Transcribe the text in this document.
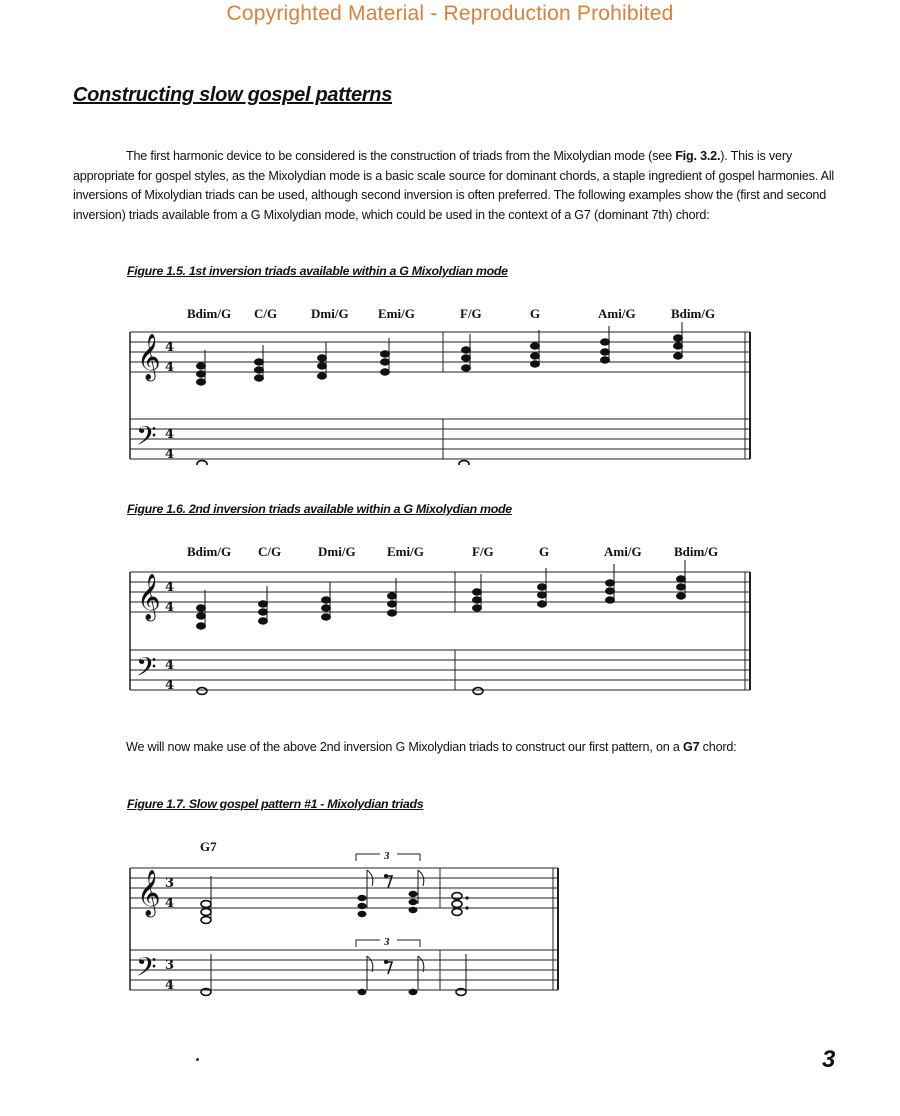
Copyrighted Material - Reproduction Prohibited
Constructing slow gospel patterns
The first harmonic device to be considered is the construction of triads from the Mixolydian mode (see Fig. 3.2.). This is very appropriate for gospel styles, as the Mixolydian mode is a basic scale source for dominant chords, a staple ingredient of gospel harmonies. All inversions of Mixolydian triads can be used, although second inversion is often preferred. The following examples show the (first and second inversion) triads available from a G Mixolydian mode, which could be used in the context of a G7 (dominant 7th) chord:
Figure 1.5. 1st inversion triads available within a G Mixolydian mode
Bdim/G C/G	Dmi/G Emi/G	F/G	G	Ami/G	Bdim/G
𝄞
𝄢
4
4
4
4
Figure 1.6. 2nd inversion triads available within a G Mixolydian mode
Bdim/G C/G	Dmi/G Emi/G	F/G	G	Ami/G Bdim/G
𝄞
𝄢
4
4
4
4
We will now make use of the above 2nd inversion G Mixolydian triads to construct our first pattern, on a G7 chord:
Figure 1.7. Slow gospel pattern #1 - Mixolydian triads
G7
3
3
𝄞
𝄢
3
4
3
4
3
